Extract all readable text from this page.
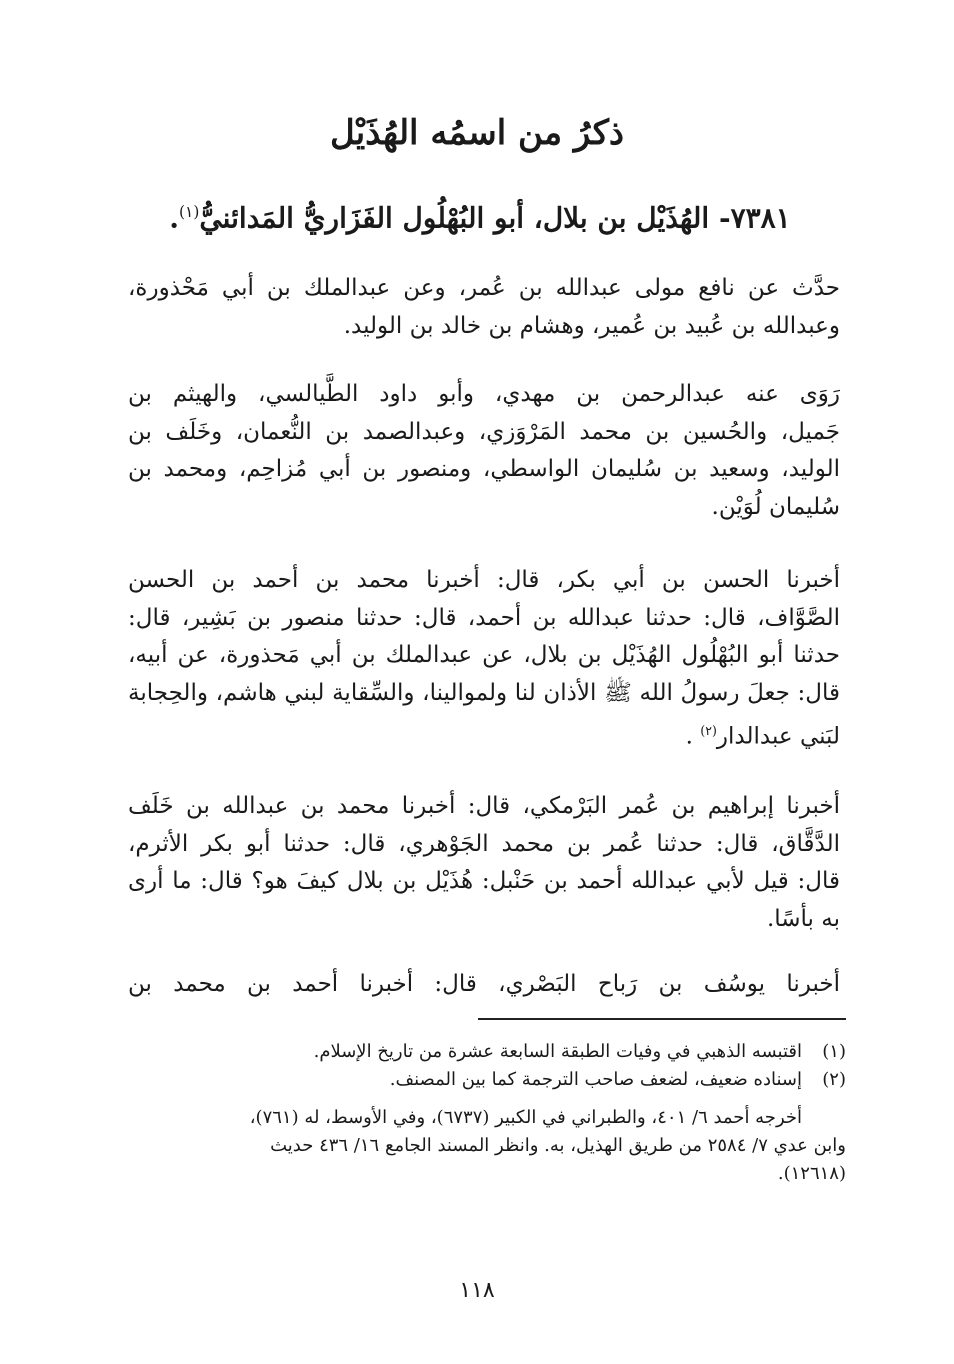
ذكرُ من اسمُه الهُذَيْل
٧٣٨١- الهُذَيْل بن بلال، أبو البُهْلُول الفَزَاريُّ المَدائنيُّ$^{(١)}$.
حدَّث عن نافع مولى عبدالله بن عُمر، وعن عبدالملك بن أبي مَحْذورة،
وعبدالله بن عُبيد بن عُمير، وهشام بن خالد بن الوليد.
رَوَى عنه عبدالرحمن بن مهدي، وأبو داود الطَّيالسي، والهيثم بن
جَميل، والحُسين بن محمد المَرْوَزي، وعبدالصمد بن النُّعمان، وخَلَف بن
الوليد، وسعيد بن سُليمان الواسطي، ومنصور بن أبي مُزاحِم، ومحمد بن
سُليمان لُوَيْن.
أخبرنا الحسن بن أبي بكر، قال: أخبرنا محمد بن أحمد بن الحسن
الصَّوَّاف، قال: حدثنا عبدالله بن أحمد، قال: حدثنا منصور بن بَشِير، قال:
حدثنا أبو البُهْلُول الهُذَيْل بن بلال، عن عبدالملك بن أبي مَحذورة، عن أبيه،
قال: جعلَ رسولُ الله ﷺ الأذان لنا ولموالينا، والسِّقاية لبني هاشم، والحِجابة
لبَني عبدالدار$^{(٢)}$ .
أخبرنا إبراهيم بن عُمر البَرْمكي، قال: أخبرنا محمد بن عبدالله بن خَلَف
الدَّقَّاق، قال: حدثنا عُمر بن محمد الجَوْهري، قال: حدثنا أبو بكر الأثرم،
قال: قيل لأبي عبدالله أحمد بن حَنْبل: هُذَيْل بن بلال كيفَ هو؟ قال: ما أرى
به بأسًا.
أخبرنا يوسُف بن رَباح البَصْري، قال: أخبرنا أحمد بن محمد بن
(١)
اقتبسه الذهبي في وفيات الطبقة السابعة عشرة من تاريخ الإسلام.
(٢)
إسناده ضعيف، لضعف صاحب الترجمة كما بين المصنف.
أخرجه أحمد ٦/ ٤٠١، والطبراني في الكبير (٦٧٣٧)، وفي الأوسط، له (٧٦١)،
وابن عدي ٧/ ٢٥٨٤ من طريق الهذيل، به. وانظر المسند الجامع ١٦/ ٤٣٦ حديث
(١٢٦١٨).
١١٨
